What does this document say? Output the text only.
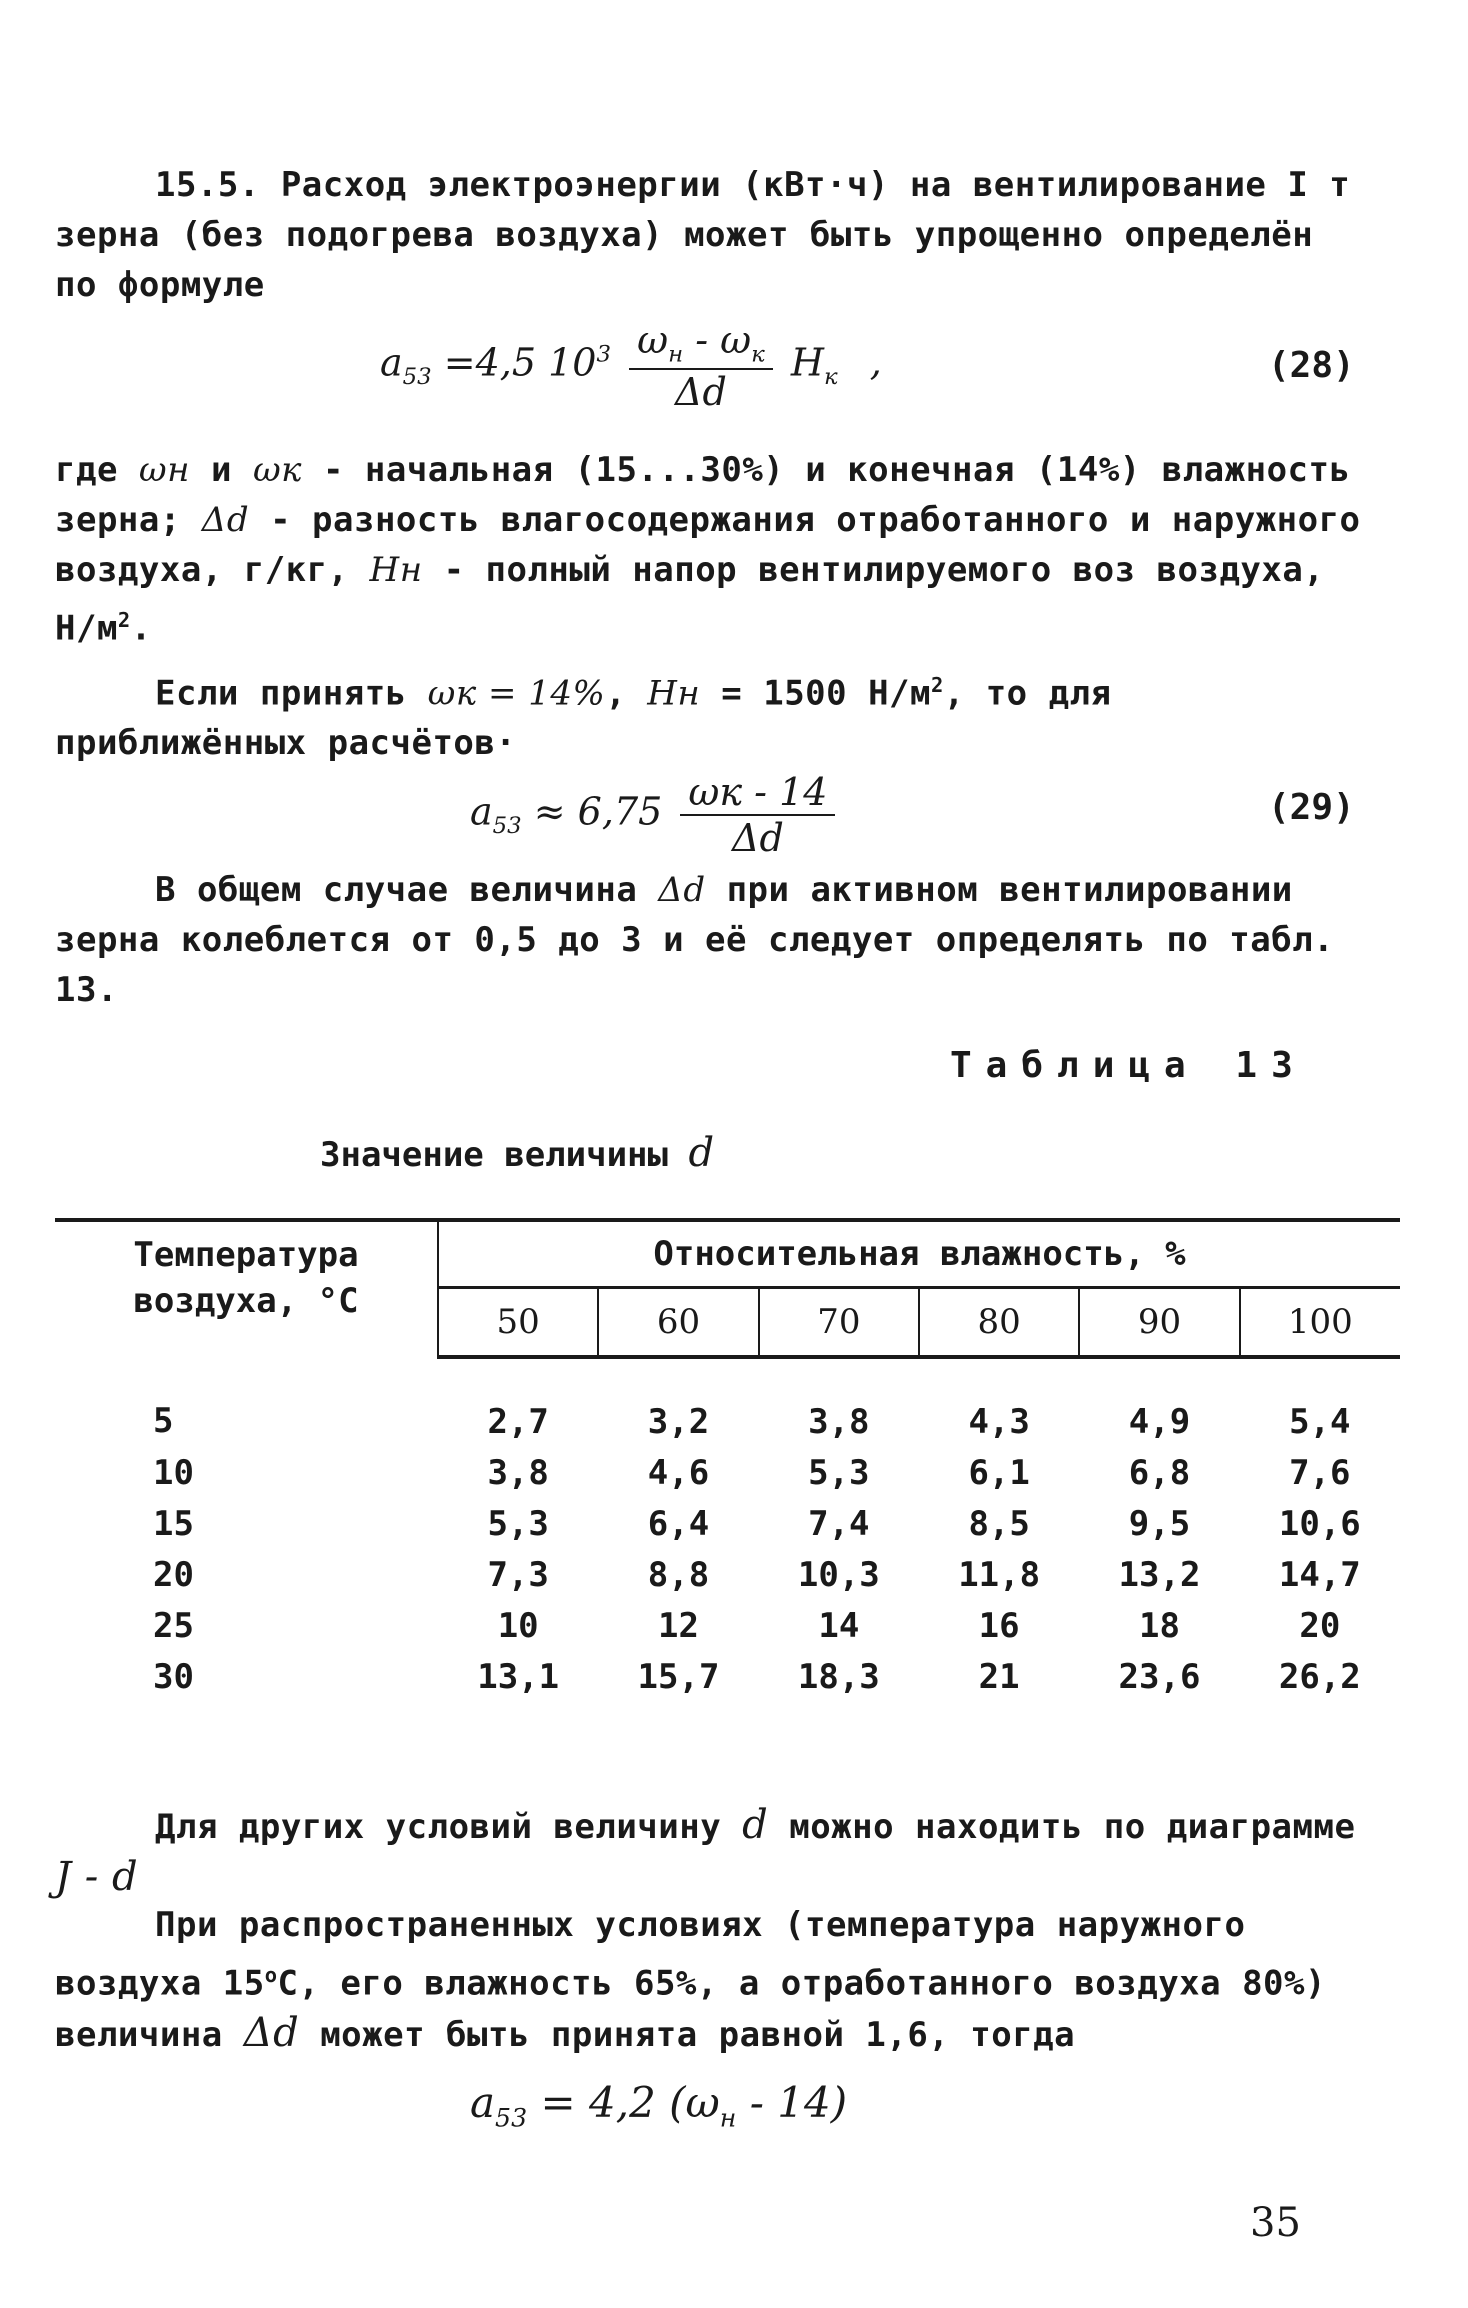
15.5. Расход электроэнергии (кВт·ч) на вентилирование I т зерна (без подогрева воздуха) может быть упрощенно определён по формуле

$a_{53} =4,5$ $10^3 \frac{\omega_н - \omega_к}{\Delta d} H_к$ ,	(28)

где ωн и ωк - начальная (15...30%) и конечная (14%) влажность зерна; Δd - разность влагосодержания отработанного и наружного воздуха, г/кг, Hн - полный напор вентилируемого воз воздуха, $Н/м^2$.

Если принять ωк = 14%, Hн = 1500 $Н/м^2$, то для приближённых расчётов·

$a_{53} \approx 6,75 \frac{\omega к - 14}{\Delta d}$	(29)

В общем случае величина Δd при активном вентилировании зерна колеблется от 0,5 до 3 и её следует определять по табл. 13.

Таблица 13
Значение величины d
Температура воздуха, °С	Относительная влажность, %					
	50	60	70	80	90	100
5	2,7	3,2	3,8	4,3	4,9	5,4
10	3,8	4,6	5,3	6,1	6,8	7,6
15	5,3	6,4	7,4	8,5	9,5	10,6
20	7,3	8,8	10,3	11,8	13,2	14,7
25	10	12	14	16	18	20
30	13,1	15,7	18,3	21	23,6	26,2

Для других условий величину d можно находить по диаграмме J - d

При распространенных условиях (температура наружного воздуха $15^оС$, его влажность 65%, а отработанного воздуха 80%) величина Δd может быть принята равной 1,6, тогда

$a_{53} = 4,2$ $(\omega_н - 14)$
35
